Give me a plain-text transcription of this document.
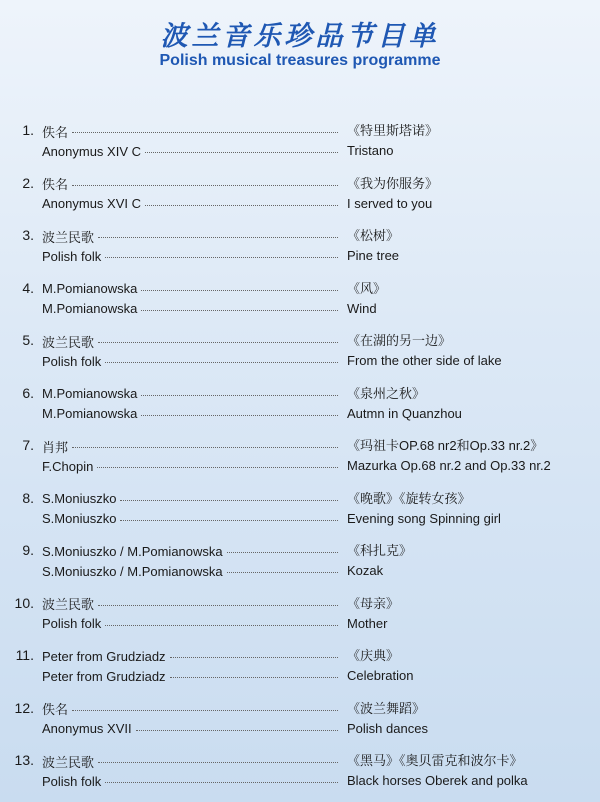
波兰音乐珍品节目单
Polish musical treasures programme
1. 佚名	《特里斯塔诺》
Anonymus XIV C	Tristano
2. 佚名	《我为你服务》
Anonymus XVI C	I served to you
3. 波兰民歌	《松树》
Polish folk	Pine tree
4. M.Pomianowska	《风》
M.Pomianowska	Wind
5. 波兰民歌	《在湖的另一边》
Polish folk	From the other side of lake
6. M.Pomianowska	《泉州之秋》
M.Pomianowska	Autmn in Quanzhou
7. 肖邦	《玛祖卡OP.68 nr2和Op.33 nr.2》
F.Chopin	Mazurka Op.68 nr.2 and Op.33 nr.2
8. S.Moniuszko	《晚歌》《旋转女孩》
S.Moniuszko	Evening song Spinning girl
9. S.Moniuszko / M.Pomianowska	《科扎克》
S.Moniuszko / M.Pomianowska	Kozak
10. 波兰民歌	《母亲》
Polish folk	Mother
11. Peter from Grudziadz	《庆典》
Peter from Grudziadz	Celebration
12. 佚名	《波兰舞蹈》
Anonymus XVII	Polish dances
13. 波兰民歌	《黑马》《奥贝雷克和波尔卡》
Polish folk	Black horses Oberek and polka
